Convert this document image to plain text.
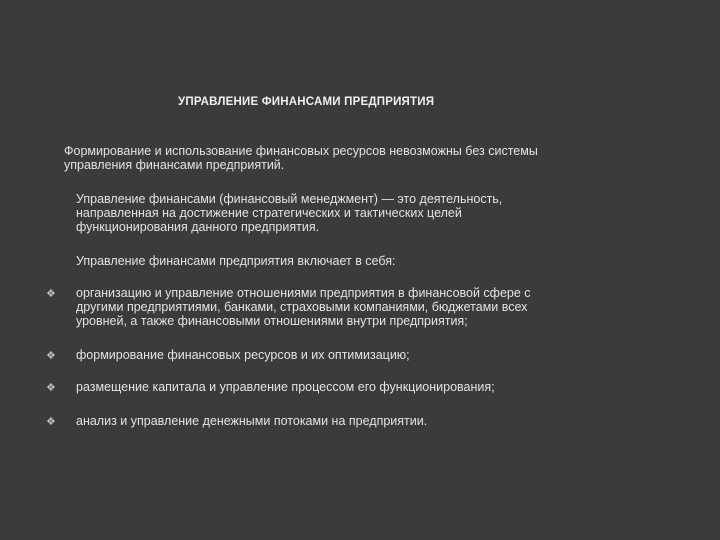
УПРАВЛЕНИЕ ФИНАНСАМИ ПРЕДПРИЯТИЯ
Формирование и использование финансовых ресурсов невозможны без системы
управления финансами предприятий.
Управление финансами (финансовый менеджмент) — это деятельность,
направленная на достижение стратегических и тактических целей
функционирования данного предприятия.
Управление финансами предприятия включает в себя:
❖ организацию и управление отношениями предприятия в финансовой сфере с
другими предприятиями, банками, страховыми компаниями, бюджетами всех
уровней, а также финансовыми отношениями внутри предприятия;
❖ формирование финансовых ресурсов и их оптимизацию;
❖ размещение капитала и управление процессом его функционирования;
❖ анализ и управление денежными потоками на предприятии.
